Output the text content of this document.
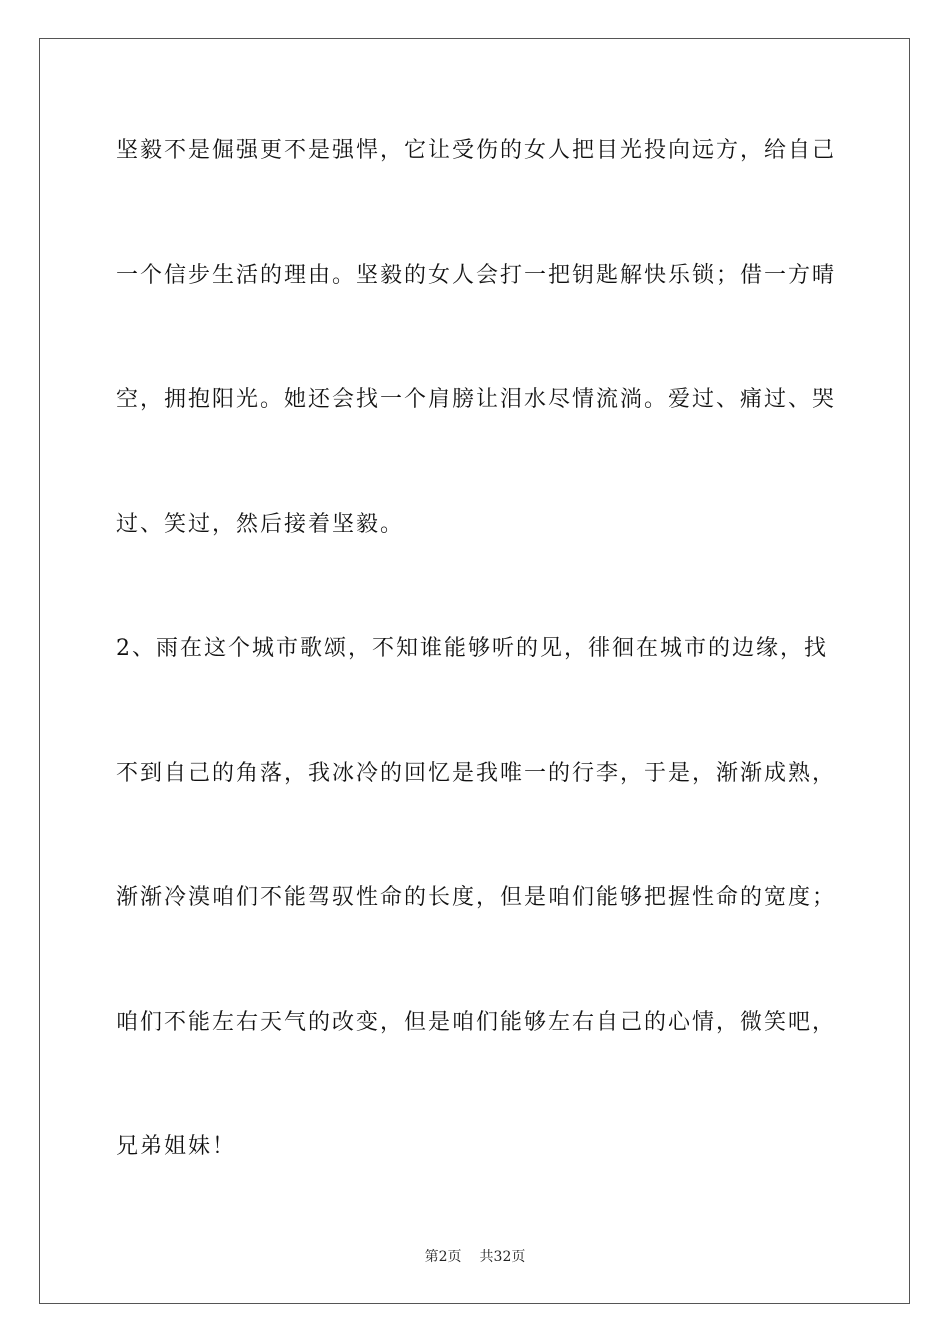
坚毅不是倔强更不是强悍，它让受伤的女人把目光投向远方，给自己

一个信步生活的理由。坚毅的女人会打一把钥匙解快乐锁；借一方晴

空，拥抱阳光。她还会找一个肩膀让泪水尽情流淌。爱过、痛过、哭

过、笑过，然后接着坚毅。

2、雨在这个城市歌颂，不知谁能够听的见，徘徊在城市的边缘，找

不到自己的角落，我冰冷的回忆是我唯一的行李，于是，渐渐成熟，

渐渐冷漠咱们不能驾驭性命的长度，但是咱们能够把握性命的宽度；

咱们不能左右天气的改变，但是咱们能够左右自己的心情，微笑吧，

兄弟姐妹！

第2页 共32页
